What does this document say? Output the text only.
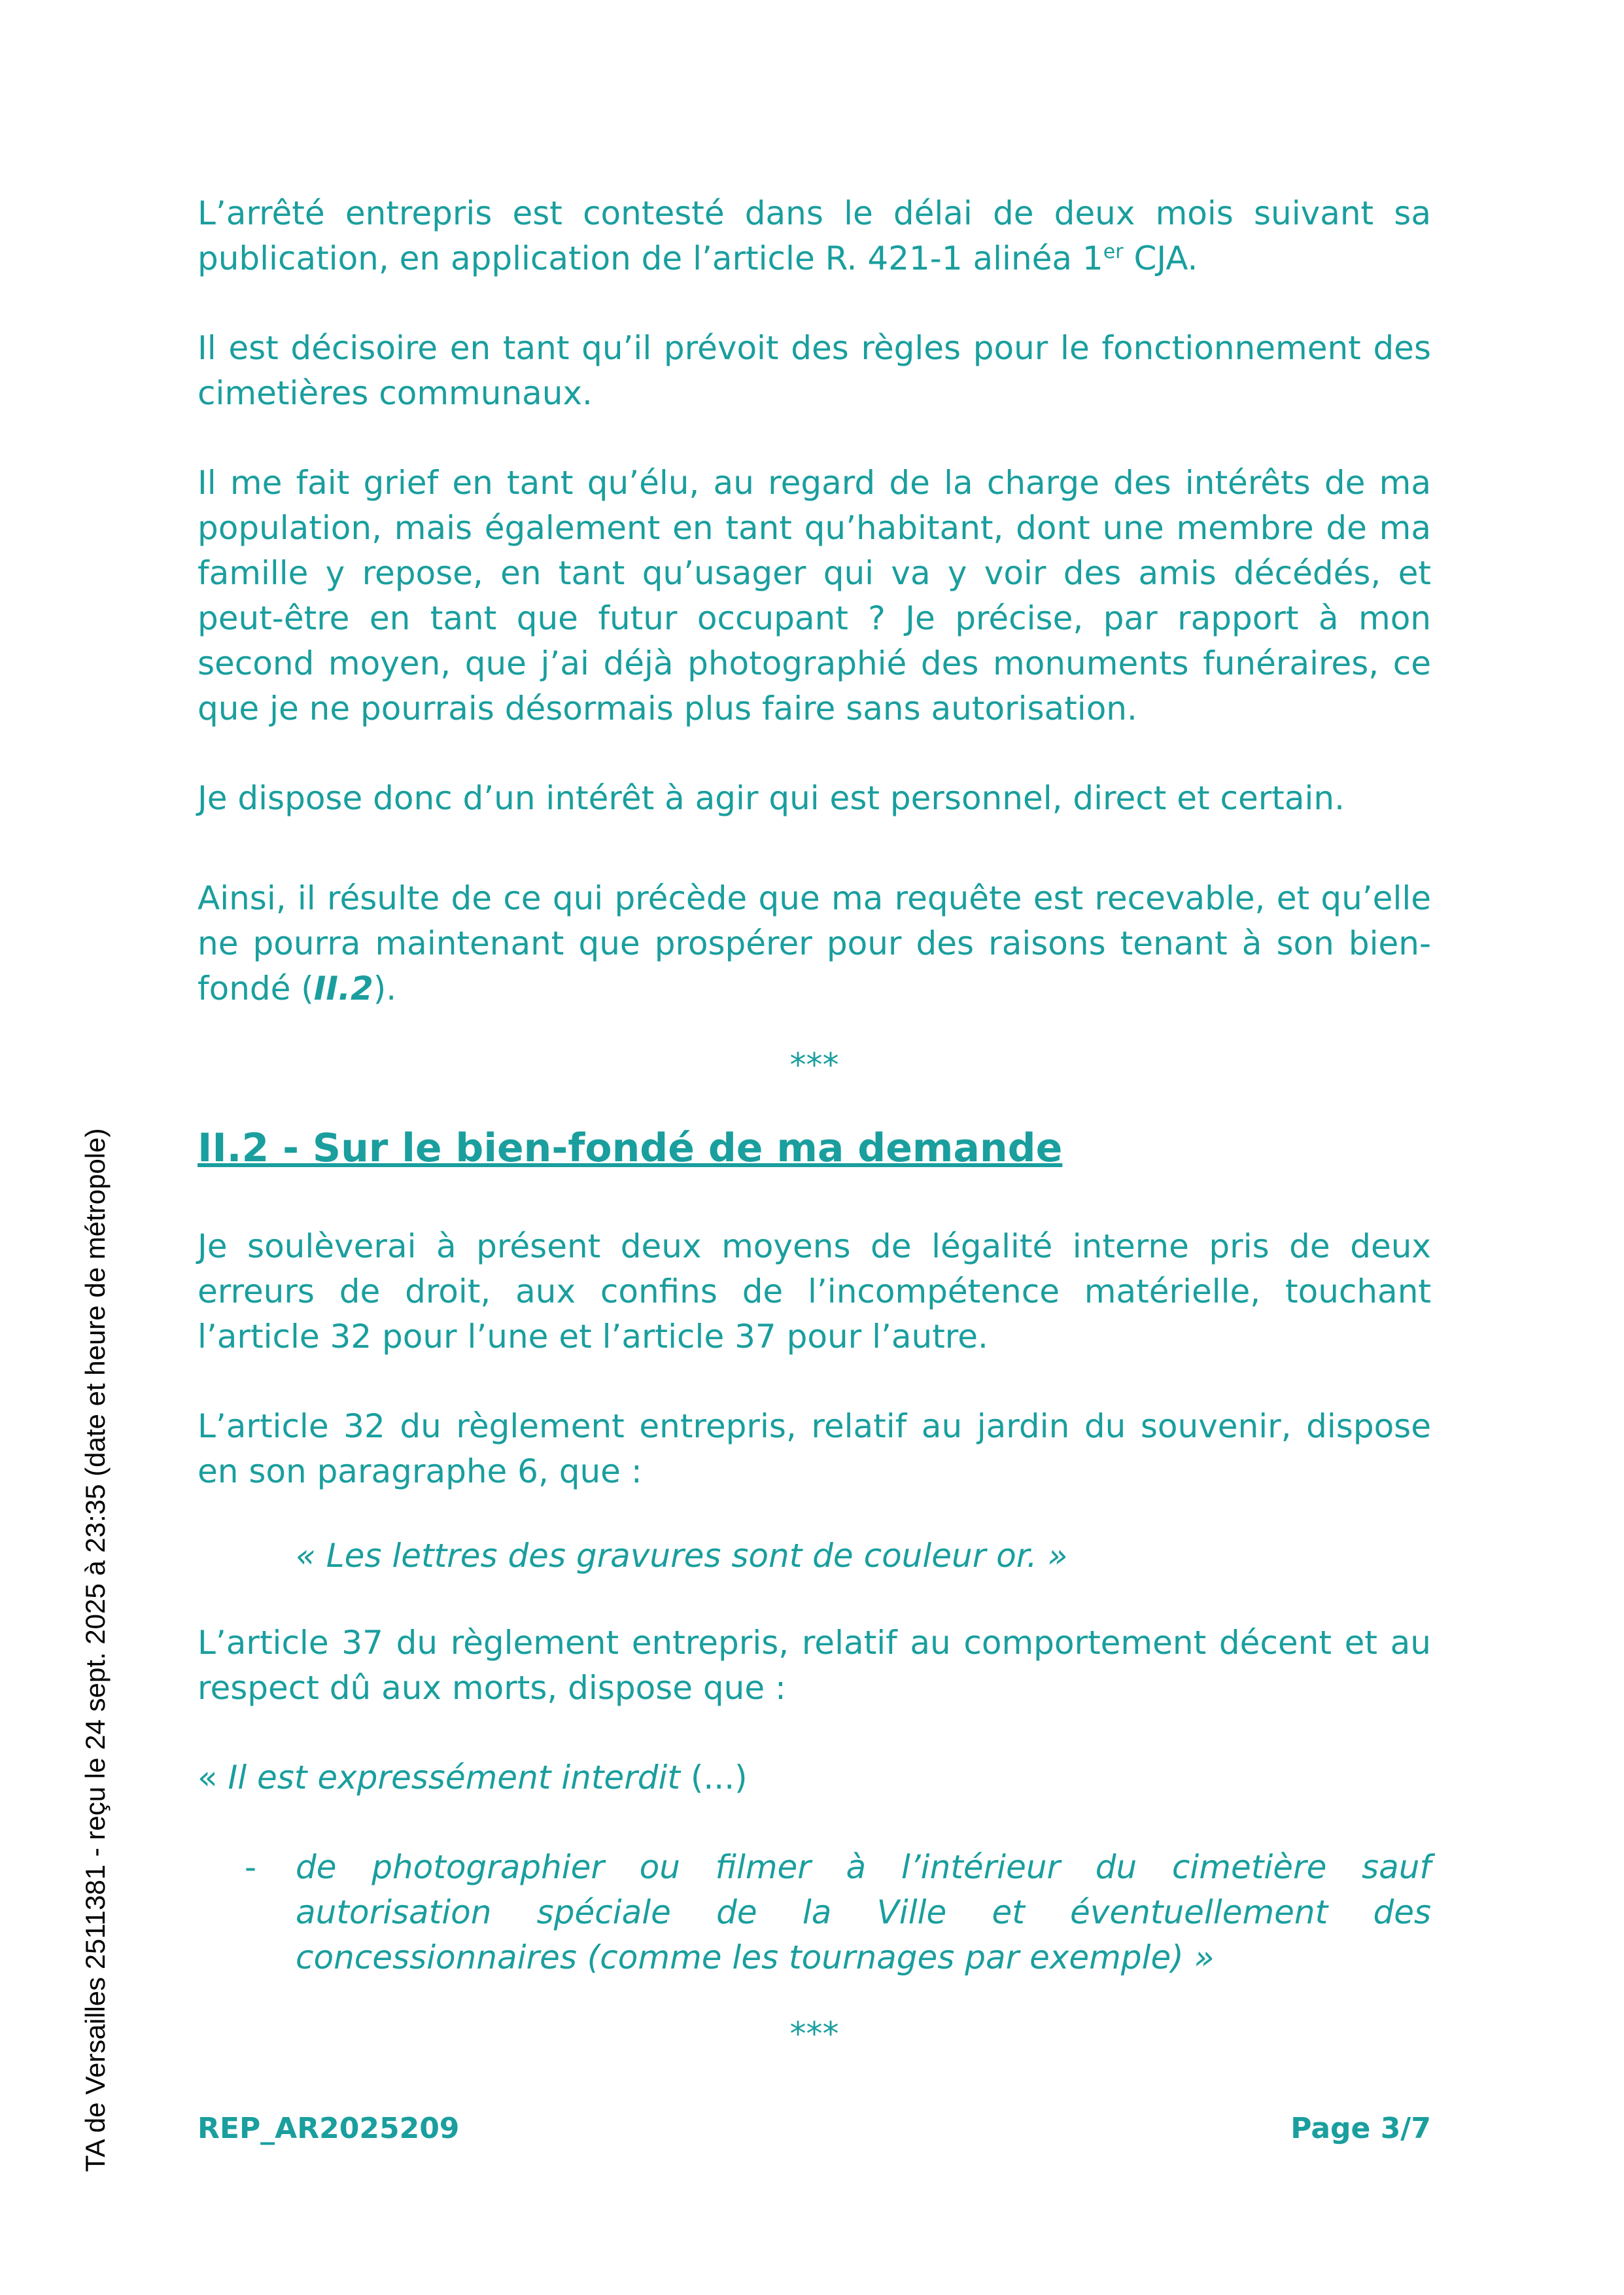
L’arrêté entrepris est contesté dans le délai de deux mois suivant sa publication, en application de l’article R. 421-1 alinéa 1er CJA.

Il est décisoire en tant qu’il prévoit des règles pour le fonctionnement des cimetières communaux.

Il me fait grief en tant qu’élu, au regard de la charge des intérêts de ma population, mais également en tant qu’habitant, dont une membre de ma famille y repose, en tant qu’usager qui va y voir des amis décédés, et peut-être en tant que futur occupant ? Je précise, par rapport à mon second moyen, que j’ai déjà photographié des monuments funéraires, ce que je ne pourrais désormais plus faire sans autorisation.

Je dispose donc d’un intérêt à agir qui est personnel, direct et certain.

Ainsi, il résulte de ce qui précède que ma requête est recevable, et qu’elle ne pourra maintenant que prospérer pour des raisons tenant à son bien-fondé (II.2).

***

II.2 - Sur le bien-fondé de ma demande

Je soulèverai à présent deux moyens de légalité interne pris de deux erreurs de droit, aux confins de l’incompétence matérielle, touchant l’article 32 pour l’une et l’article 37 pour l’autre.

L’article 32 du règlement entrepris, relatif au jardin du souvenir, dispose en son paragraphe 6, que :

« Les lettres des gravures sont de couleur or. »

L’article 37 du règlement entrepris, relatif au comportement décent et au respect dû aux morts, dispose que :

« Il est expressément interdit (...)

-	de photographier ou filmer à l’intérieur du cimetière sauf autorisation spéciale de la Ville et éventuellement des concessionnaires (comme les tournages par exemple) »

***

REP_AR2025209	Page 3/7
TA de Versailles 2511381 - reçu le 24 sept. 2025 à 23:35 (date et heure de métropole)
